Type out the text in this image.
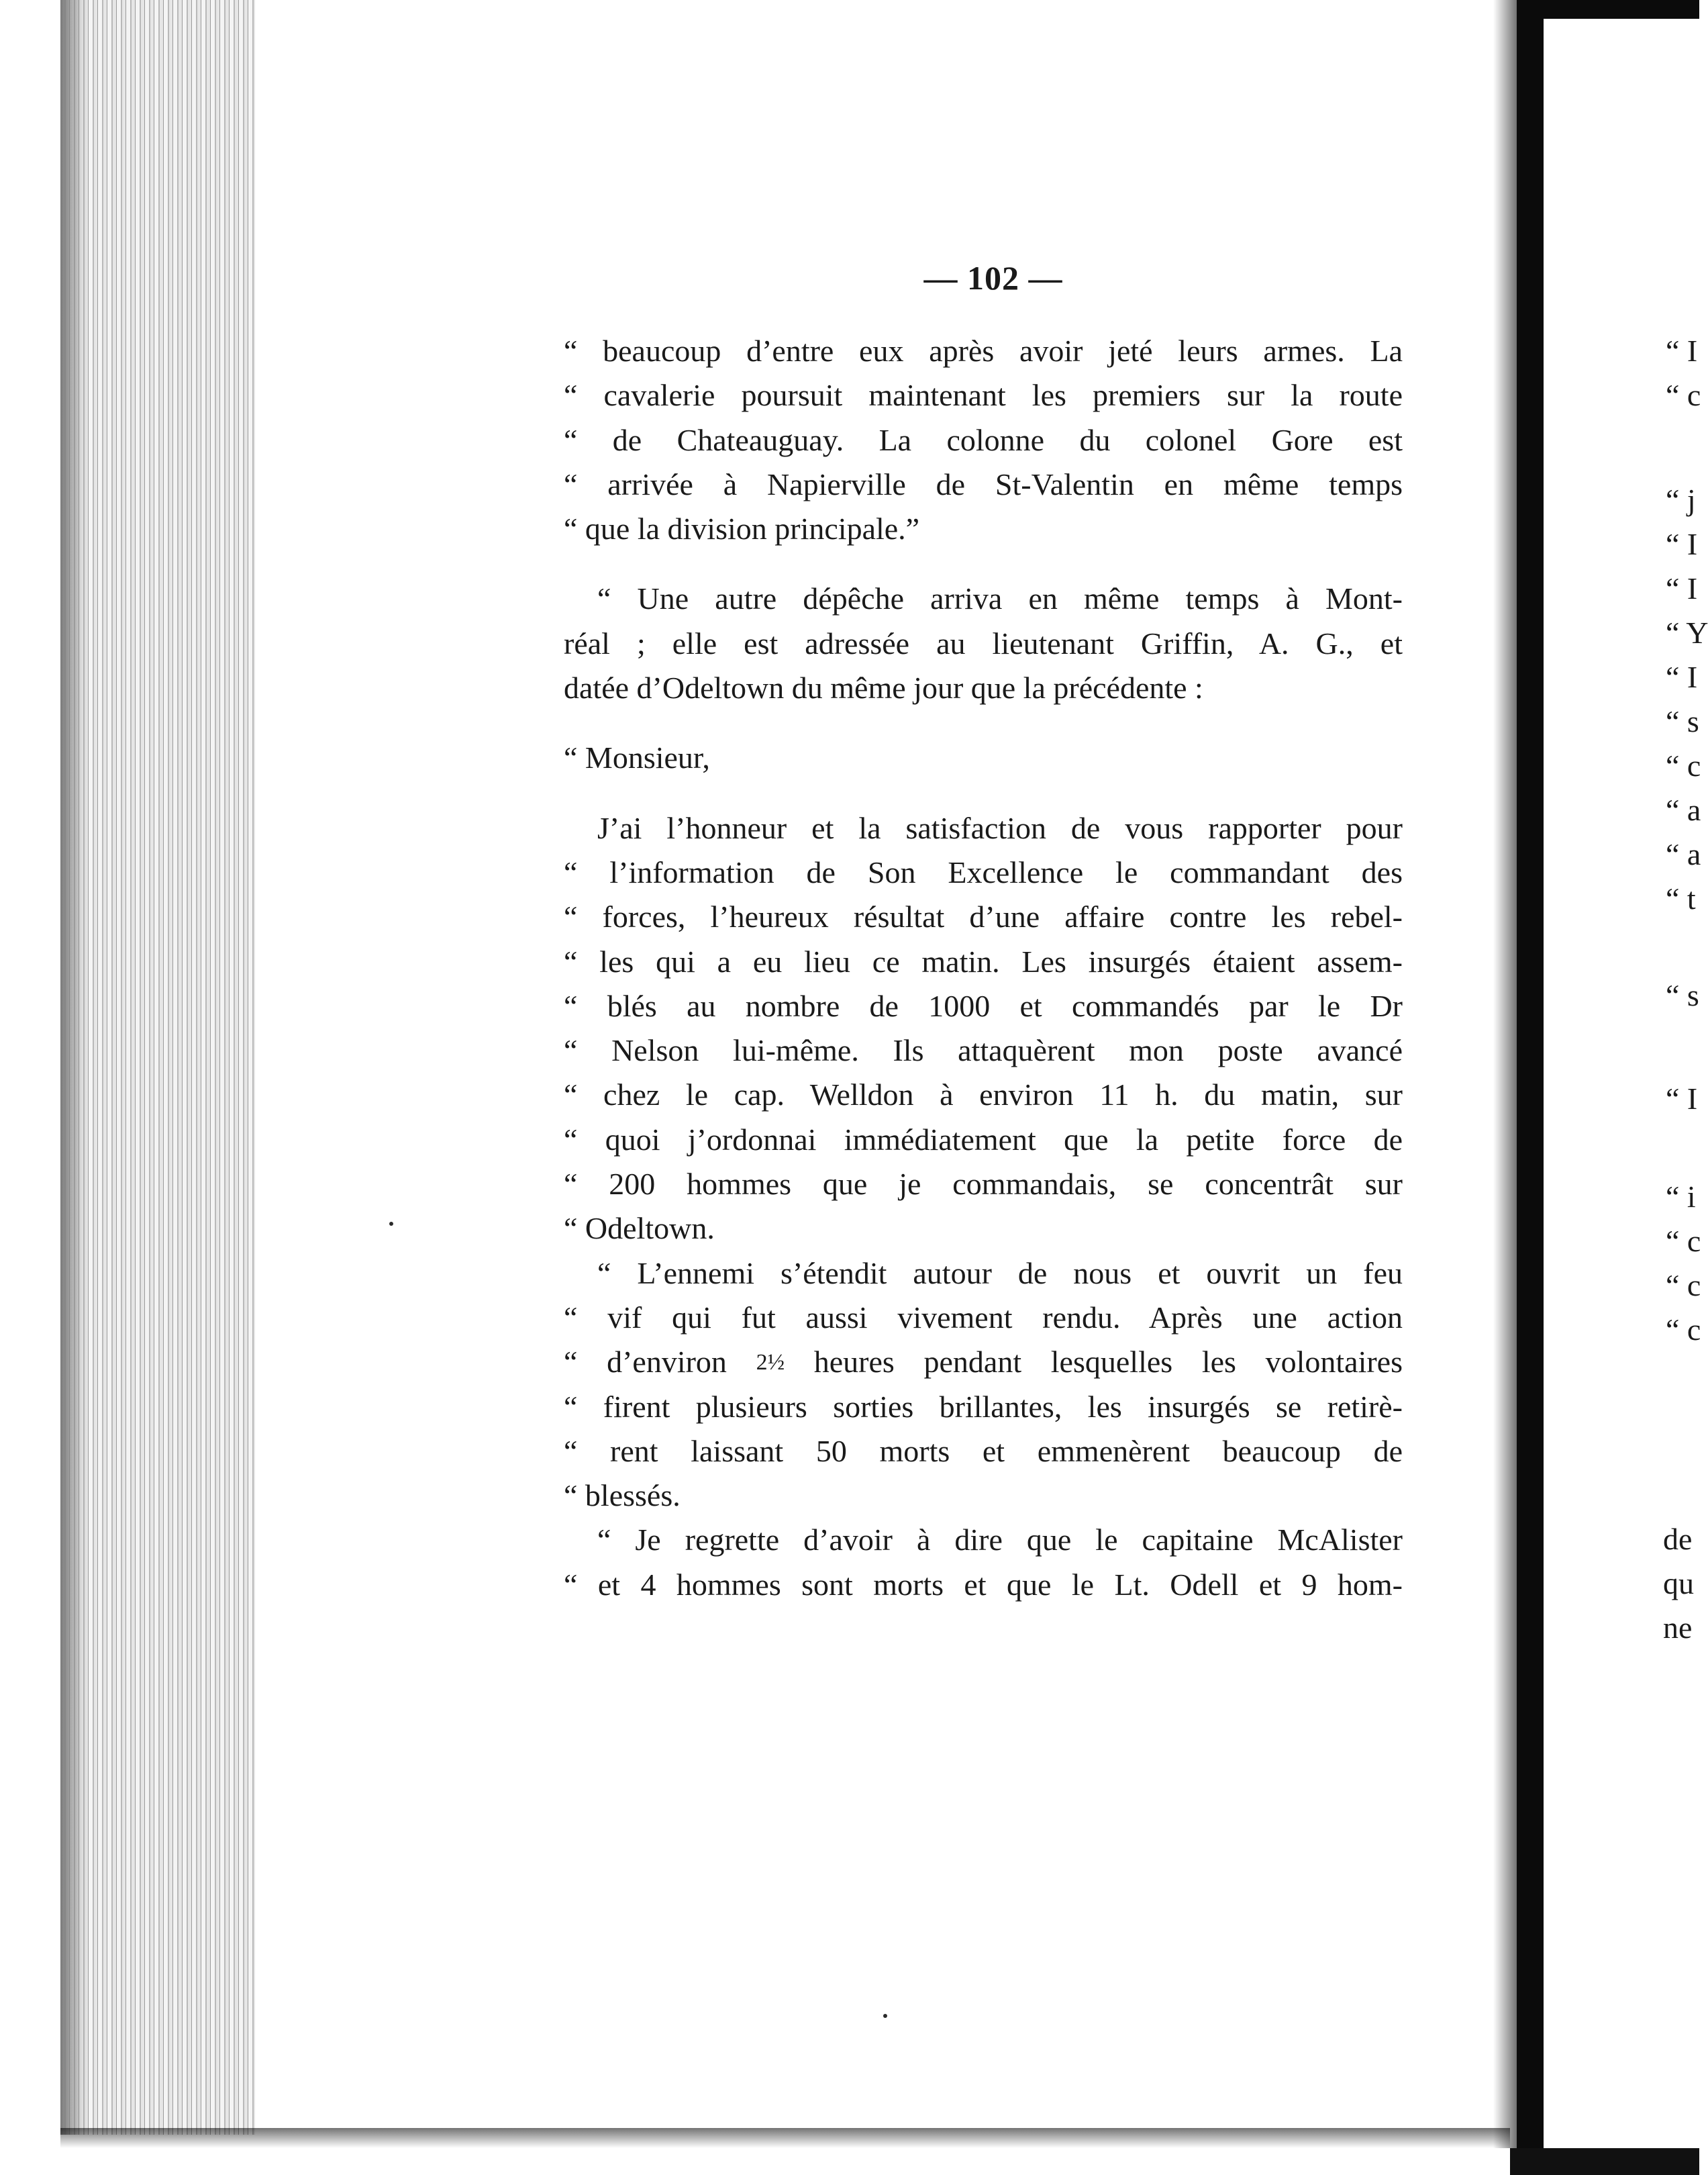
— 102 —
“ beaucoup d’entre eux après avoir jeté leurs armes. La
“ cavalerie poursuit maintenant les premiers sur la route
“ de Chateauguay. La colonne du colonel Gore est
“ arrivée à Napierville de St-Valentin en même temps
“ que la division principale.”
“ Une autre dépêche arriva en même temps à Mont-
réal ; elle est adressée au lieutenant Griffin, A. G., et
datée d’Odeltown du même jour que la précédente :
“ Monsieur,
J’ai l’honneur et la satisfaction de vous rapporter pour
“ l’information de Son Excellence le commandant des
“ forces, l’heureux résultat d’une affaire contre les rebel-
“ les qui a eu lieu ce matin. Les insurgés étaient assem-
“ blés au nombre de 1000 et commandés par le Dr
“ Nelson lui-même. Ils attaquèrent mon poste avancé
“ chez le cap. Welldon à environ 11 h. du matin, sur
“ quoi j’ordonnai immédiatement que la petite force de
“ 200 hommes que je commandais, se concentrât sur
“ Odeltown.
“ L’ennemi s’étendit autour de nous et ouvrit un feu
“ vif qui fut aussi vivement rendu. Après une action
“ d’environ 2½ heures pendant lesquelles les volontaires
“ firent plusieurs sorties brillantes, les insurgés se retirè-
“ rent laissant 50 morts et emmenèrent beaucoup de
“ blessés.
“ Je regrette d’avoir à dire que le capitaine McAlister
“ et 4 hommes sont morts et que le Lt. Odell et 9 hom-
“ I
“ c
“ j
“ I
“ I
“ Y
“ I
“ s
“ c
“ a
“ a
“ t
“ s
“ I
“ i
“ c
“ c
“ c
de
qu
ne
